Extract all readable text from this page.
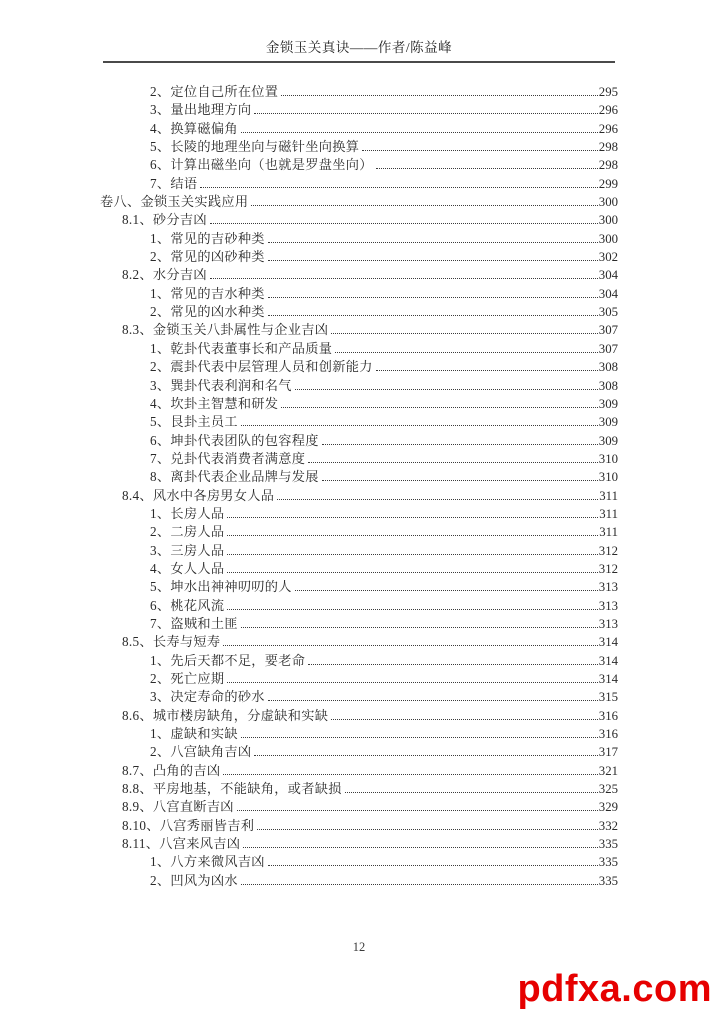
金锁玉关真诀——作者/陈益峰
2、定位自己所在位置	295
3、量出地理方向	296
4、换算磁偏角	296
5、长陵的地理坐向与磁针坐向换算	298
6、计算出磁坐向（也就是罗盘坐向）	298
7、结语	299
卷八、金锁玉关实践应用	300
8.1、砂分吉凶	300
1、常见的吉砂种类	300
2、常见的凶砂种类	302
8.2、水分吉凶	304
1、常见的吉水种类	304
2、常见的凶水种类	305
8.3、金锁玉关八卦属性与企业吉凶	307
1、乾卦代表董事长和产品质量	307
2、震卦代表中层管理人员和创新能力	308
3、巽卦代表利润和名气	308
4、坎卦主智慧和研发	309
5、艮卦主员工	309
6、坤卦代表团队的包容程度	309
7、兑卦代表消费者满意度	310
8、离卦代表企业品牌与发展	310
8.4、风水中各房男女人品	311
1、长房人品	311
2、二房人品	311
3、三房人品	312
4、女人人品	312
5、坤水出神神叨叨的人	313
6、桃花风流	313
7、盗贼和土匪	313
8.5、长寿与短寿	314
1、先后天都不足，要老命	314
2、死亡应期	314
3、决定寿命的砂水	315
8.6、城市楼房缺角，分虚缺和实缺	316
1、虚缺和实缺	316
2、八宫缺角吉凶	317
8.7、凸角的吉凶	321
8.8、平房地基，不能缺角，或者缺损	325
8.9、八宫直断吉凶	329
8.10、八宫秀丽皆吉利	332
8.11、八宫来风吉凶	335
1、八方来微风吉凶	335
2、凹风为凶水	335
12
pdfxa.com
